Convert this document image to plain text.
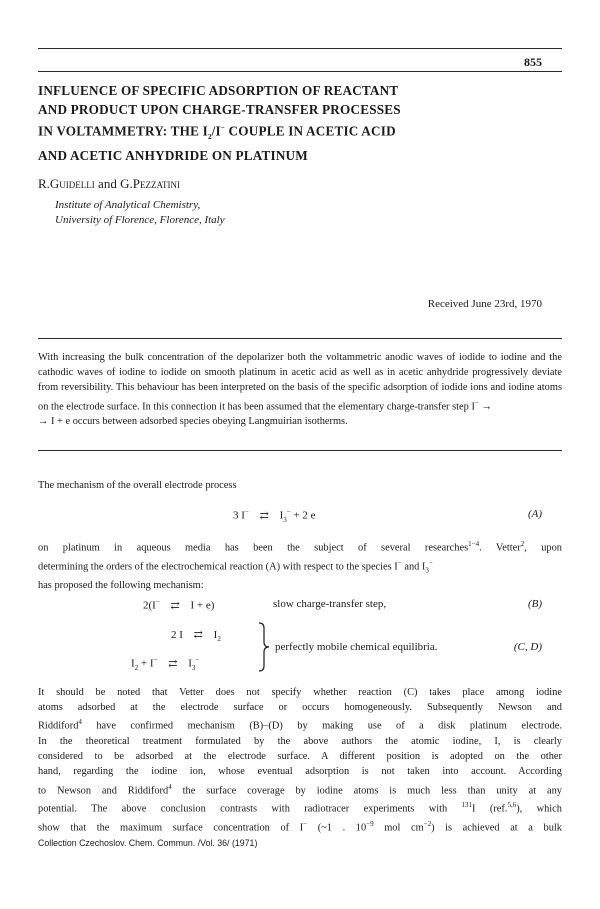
855
INFLUENCE OF SPECIFIC ADSORPTION OF REACTANT
AND PRODUCT UPON CHARGE-TRANSFER PROCESSES
IN VOLTAMMETRY: THE $I_2/I^-$ COUPLE IN ACETIC ACID
AND ACETIC ANHYDRIDE ON PLATINUM
R.Guidelli and G.Pezzatini
Institute of Analytical Chemistry,
University of Florence, Florence, Italy
Received June 23rd, 1970
With increasing the bulk concentration of the depolarizer both the voltammetric anodic waves of iodide to iodine and the cathodic waves of iodine to iodide on smooth platinum in acetic acid as well as in acetic anhydride progressively deviate from reversibility. This behaviour has been interpreted on the basis of the specific adsorption of iodide ions and iodine atoms on the electrode surface. In this connection it has been assumed that the elementary charge-transfer step I− →
→ I + e occurs between adsorbed species obeying Langmuirian isotherms.
The mechanism of the overall electrode process
3 I− ⇄ $I_3^- + 2$ e	(A)
on platinum in aqueous media has been the subject of several researches$^{1-4}$. Vetter$^2$, upon
determining the orders of the electrochemical reaction (A) with respect to the species I− and $I_3^-$
has proposed the following mechanism:
2(I− ⇄ I + e)	slow charge-transfer step,	(B)
2 I ⇄ $I_2$
$I_2 + I^-$ ⇄ $I_3^-$
perfectly mobile chemical equilibria.	(C, D)
It should be noted that Vetter does not specify whether reaction (C) takes place among iodine
atoms adsorbed at the electrode surface or occurs homogeneously. Subsequently Newson and
Riddiford$^4$ have confirmed mechanism (B)–(D) by making use of a disk platinum electrode.
In the theoretical treatment formulated by the above authors the atomic iodine, I, is clearly
considered to be adsorbed at the electrode surface. A different position is adopted on the other
hand, regarding the iodine ion, whose eventual adsorption is not taken into account. According
to Newson and Riddiford$^4$ the surface coverage by iodine atoms is much less than unity at any
potential. The above conclusion contrasts with radiotracer experiments with $^{131}$I (ref.$^{5,6}$), which
show that the maximum surface concentration of I− (~1 . $10^{-9}$ mol $cm^{-2}$) is achieved at a bulk
Collection Czechoslov. Chem. Commun. /Vol. 36/ (1971)
